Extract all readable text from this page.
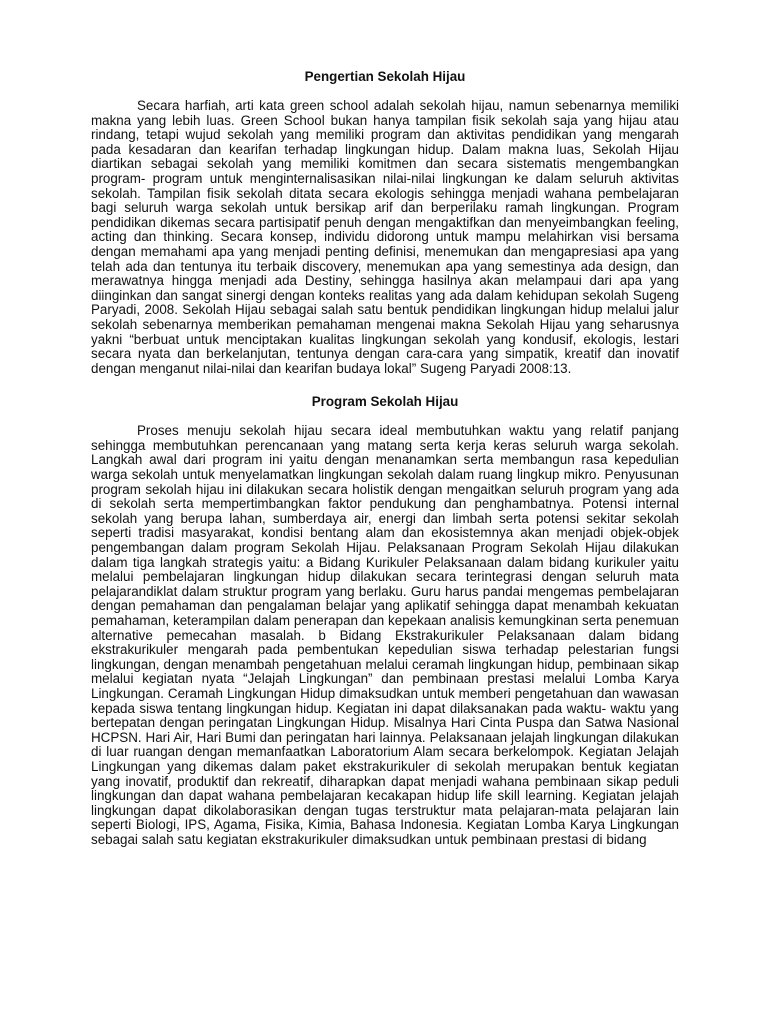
Pengertian Sekolah Hijau

Secara harfiah, arti kata green school adalah sekolah hijau, namun sebenarnya memiliki makna yang lebih luas. Green School bukan hanya tampilan fisik sekolah saja yang hijau atau rindang, tetapi wujud sekolah yang memiliki program dan aktivitas pendidikan yang mengarah pada kesadaran dan kearifan terhadap lingkungan hidup. Dalam makna luas, Sekolah Hijau diartikan sebagai sekolah yang memiliki komitmen dan secara sistematis mengembangkan program- program untuk menginternalisasikan nilai-nilai lingkungan ke dalam seluruh aktivitas sekolah. Tampilan fisik sekolah ditata secara ekologis sehingga menjadi wahana pembelajaran bagi seluruh warga sekolah untuk bersikap arif dan berperilaku ramah lingkungan. Program pendidikan dikemas secara partisipatif penuh dengan mengaktifkan dan menyeimbangkan feeling, acting dan thinking. Secara konsep, individu didorong untuk mampu melahirkan visi bersama dengan memahami apa yang menjadi penting definisi, menemukan dan mengapresiasi apa yang telah ada dan tentunya itu terbaik discovery, menemukan apa yang semestinya ada design, dan merawatnya hingga menjadi ada Destiny, sehingga hasilnya akan melampaui dari apa yang diinginkan dan sangat sinergi dengan konteks realitas yang ada dalam kehidupan sekolah Sugeng Paryadi, 2008. Sekolah Hijau sebagai salah satu bentuk pendidikan lingkungan hidup melalui jalur sekolah sebenarnya memberikan pemahaman mengenai makna Sekolah Hijau yang seharusnya yakni “berbuat untuk menciptakan kualitas lingkungan sekolah yang kondusif, ekologis, lestari secara nyata dan berkelanjutan, tentunya dengan cara-cara yang simpatik, kreatif dan inovatif dengan menganut nilai-nilai dan kearifan budaya lokal” Sugeng Paryadi 2008:13.

Program Sekolah Hijau

Proses menuju sekolah hijau secara ideal membutuhkan waktu yang relatif panjang sehingga membutuhkan perencanaan yang matang serta kerja keras seluruh warga sekolah. Langkah awal dari program ini yaitu dengan menanamkan serta membangun rasa kepedulian warga sekolah untuk menyelamatkan lingkungan sekolah dalam ruang lingkup mikro. Penyusunan program sekolah hijau ini dilakukan secara holistik dengan mengaitkan seluruh program yang ada di sekolah serta mempertimbangkan faktor pendukung dan penghambatnya. Potensi internal sekolah yang berupa lahan, sumberdaya air, energi dan limbah serta potensi sekitar sekolah seperti tradisi masyarakat, kondisi bentang alam dan ekosistemnya akan menjadi objek-objek pengembangan dalam program Sekolah Hijau. Pelaksanaan Program Sekolah Hijau dilakukan dalam tiga langkah strategis yaitu: a Bidang Kurikuler Pelaksanaan dalam bidang kurikuler yaitu melalui pembelajaran lingkungan hidup dilakukan secara terintegrasi dengan seluruh mata pelajarandiklat dalam struktur program yang berlaku. Guru harus pandai mengemas pembelajaran dengan pemahaman dan pengalaman belajar yang aplikatif sehingga dapat menambah kekuatan pemahaman, keterampilan dalam penerapan dan kepekaan analisis kemungkinan serta penemuan alternative pemecahan masalah. b Bidang Ekstrakurikuler Pelaksanaan dalam bidang ekstrakurikuler mengarah pada pembentukan kepedulian siswa terhadap pelestarian fungsi lingkungan, dengan menambah pengetahuan melalui ceramah lingkungan hidup, pembinaan sikap melalui kegiatan nyata “Jelajah Lingkungan” dan pembinaan prestasi melalui Lomba Karya Lingkungan. Ceramah Lingkungan Hidup dimaksudkan untuk memberi pengetahuan dan wawasan kepada siswa tentang lingkungan hidup. Kegiatan ini dapat dilaksanakan pada waktu- waktu yang bertepatan dengan peringatan Lingkungan Hidup. Misalnya Hari Cinta Puspa dan Satwa Nasional HCPSN. Hari Air, Hari Bumi dan peringatan hari lainnya. Pelaksanaan jelajah lingkungan dilakukan di luar ruangan dengan memanfaatkan Laboratorium Alam secara berkelompok. Kegiatan Jelajah Lingkungan yang dikemas dalam paket ekstrakurikuler di sekolah merupakan bentuk kegiatan yang inovatif, produktif dan rekreatif, diharapkan dapat menjadi wahana pembinaan sikap peduli lingkungan dan dapat wahana pembelajaran kecakapan hidup life skill learning. Kegiatan jelajah lingkungan dapat dikolaborasikan dengan tugas terstruktur mata pelajaran-mata pelajaran lain seperti Biologi, IPS, Agama, Fisika, Kimia, Bahasa Indonesia. Kegiatan Lomba Karya Lingkungan sebagai salah satu kegiatan ekstrakurikuler dimaksudkan untuk pembinaan prestasi di bidang
